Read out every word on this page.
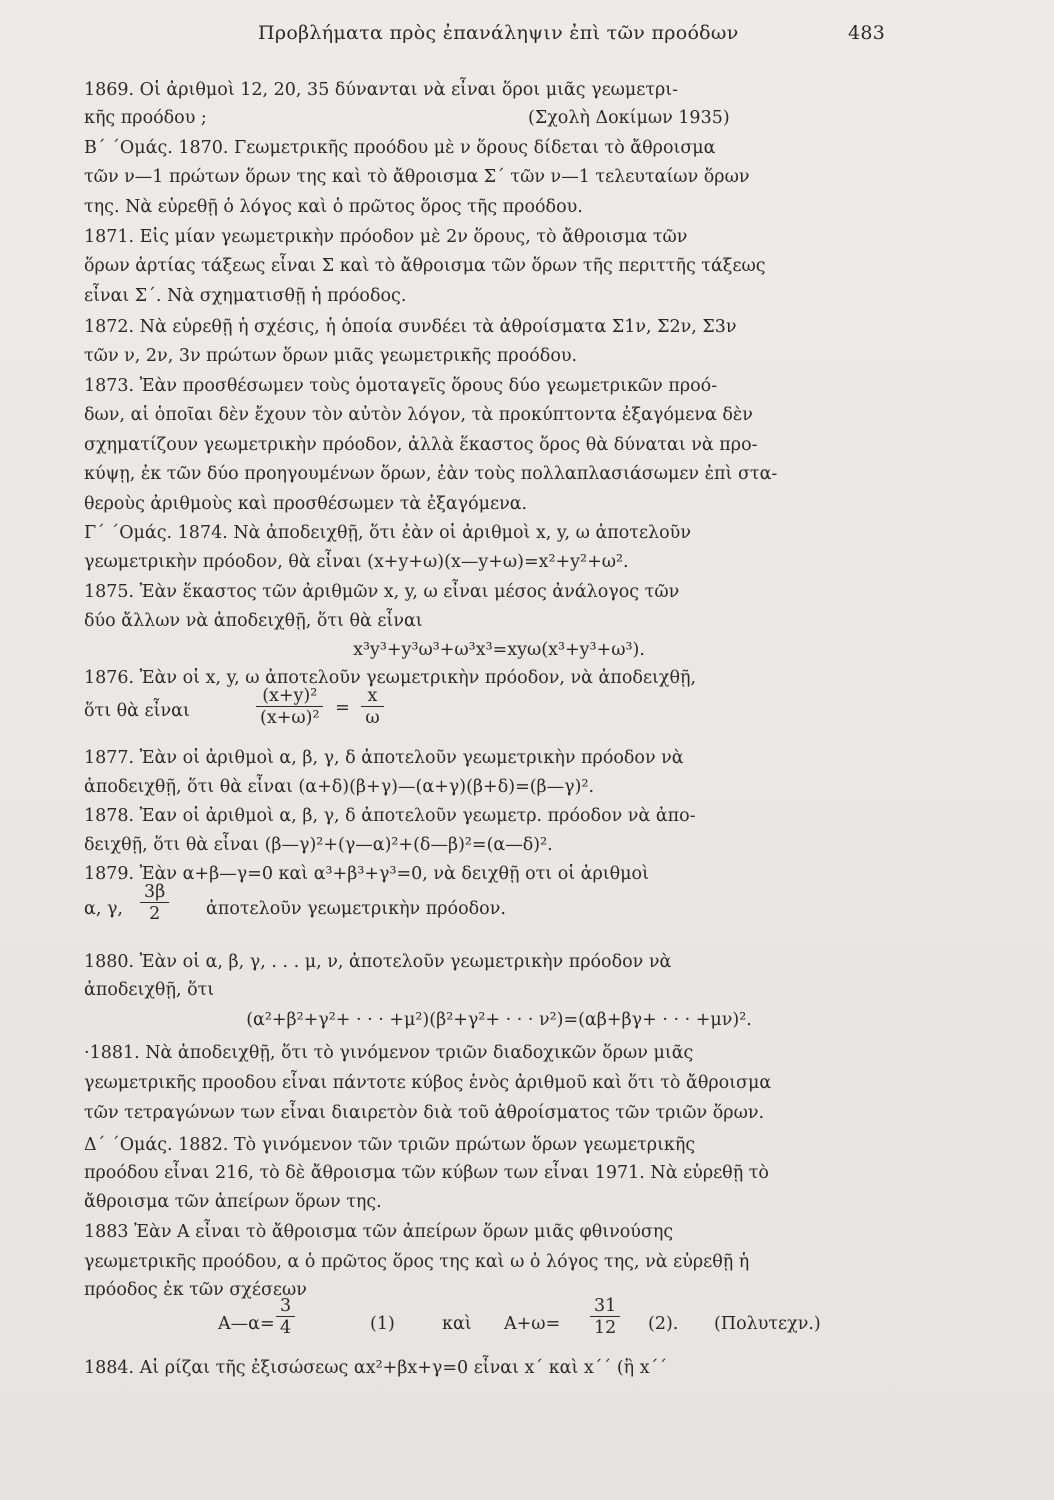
Προβλήματα πρὸς ἐπανάληψιν ἐπὶ τῶν προόδων	483
1869. Οἱ ἀριθμοὶ 12, 20, 35 δύνανται νὰ εἶναι ὅροι μιᾶς γεωμετρι-
κῆς προόδου ;	(Σχολὴ Δοκίμων 1935)
Β΄ ΄Ομάς. 1870. Γεωμετρικῆς προόδου μὲ ν ὅρους δίδεται τὸ ἄθροισμα
τῶν ν—1 πρώτων ὅρων της καὶ τὸ ἄθροισμα Σ΄ τῶν ν—1 τελευταίων ὅρων
της. Νὰ εὑρεθῇ ὁ λόγος καὶ ὁ πρῶτος ὅρος τῆς προόδου.
1871. Εἰς μίαν γεωμετρικὴν πρόοδον μὲ 2ν ὅρους, τὸ ἄθροισμα τῶν
ὅρων ἀρτίας τάξεως εἶναι Σ καὶ τὸ ἄθροισμα τῶν ὅρων τῆς περιττῆς τάξεως
εἶναι Σ΄. Νὰ σχηματισθῇ ἡ πρόοδος.
1872. Νὰ εὑρεθῇ ἡ σχέσις, ἡ ὁποία συνδέει τὰ ἀθροίσματα Σ1ν, Σ2ν, Σ3ν
τῶν ν, 2ν, 3ν πρώτων ὅρων μιᾶς γεωμετρικῆς προόδου.
1873. Ἐὰν προσθέσωμεν τοὺς ὁμοταγεῖς ὅρους δύο γεωμετρικῶν προό-
δων, αἱ ὁποῖαι δὲν ἔχουν τὸν αὐτὸν λόγον, τὰ προκύπτοντα ἐξαγόμενα δὲν
σχηματίζουν γεωμετρικὴν πρόοδον, ἀλλὰ ἕκαστος ὅρος θὰ δύναται νὰ προ-
κύψῃ, ἐκ τῶν δύο προηγουμένων ὅρων, ἐὰν τοὺς πολλαπλασιάσωμεν ἐπὶ στα-
θεροὺς ἀριθμοὺς καὶ προσθέσωμεν τὰ ἐξαγόμενα.
Γ΄ ΄Ομάς. 1874. Νὰ ἀποδειχθῇ, ὅτι ἐὰν οἱ ἀριθμοὶ x, y, ω ἀποτελοῦν
γεωμετρικὴν πρόοδον, θὰ εἶναι (x+y+ω)(x—y+ω)=x²+y²+ω².
1875. Ἐὰν ἕκαστος τῶν ἀριθμῶν x, y, ω εἶναι μέσος ἀνάλογος τῶν
δύο ἄλλων νὰ ἀποδειχθῇ, ὅτι θὰ εἶναι
x³y³+y³ω³+ω³x³=xyω(x³+y³+ω³).
1876. Ἐὰν οἱ x, y, ω ἀποτελοῦν γεωμετρικὴν πρόοδον, νὰ ἀποδειχθῇ,
ὅτι θὰ εἶναι	$\frac{\text{(x+y)²}}{\text{(x+ω)²}} = \frac{x}{\omega}$
1877. Ἐὰν οἱ ἀριθμοὶ α, β, γ, δ ἀποτελοῦν γεωμετρικὴν πρόοδον νὰ
ἀποδειχθῇ, ὅτι θὰ εἶναι (α+δ)(β+γ)—(α+γ)(β+δ)=(β—γ)².
1878. Ἐαν οἱ ἀριθμοὶ α, β, γ, δ ἀποτελοῦν γεωμετρ. πρόοδον νὰ ἀπο-
δειχθῇ, ὅτι θὰ εἶναι (β—γ)²+(γ—α)²+(δ—β)²=(α—δ)².
1879. Ἐὰν α+β—γ=0 καὶ α³+β³+γ³=0, νὰ δειχθῇ οτι οἱ ἀριθμοὶ
α, γ, $\frac{3\beta}{2}$ ἀποτελοῦν γεωμετρικὴν πρόοδον.
1880. Ἐὰν οἱ α, β, γ, . . . μ, ν, ἀποτελοῦν γεωμετρικὴν πρόοδον νὰ
ἀποδειχθῇ, ὅτι
(α²+β²+γ²+ · · · +μ²)(β²+γ²+ · · · ν²)=(αβ+βγ+ · · · +μν)².
·1881. Νὰ ἀποδειχθῇ, ὅτι τὸ γινόμενον τριῶν διαδοχικῶν ὅρων μιᾶς
γεωμετρικῆς προοδου εἶναι πάντοτε κύβος ἑνὸς ἀριθμοῦ καὶ ὅτι τὸ ἄθροισμα
τῶν τετραγώνων των εἶναι διαιρετὸν διὰ τοῦ ἀθροίσματος τῶν τριῶν ὅρων.
Δ΄ ΄Ομάς. 1882. Τὸ γινόμενον τῶν τριῶν πρώτων ὅρων γεωμετρικῆς
προόδου εἶναι 216, τὸ δὲ ἄθροισμα τῶν κύβων των εἶναι 1971. Νὰ εὑρεθῇ τὸ
ἄθροισμα τῶν ἀπείρων ὅρων της.
1883 Ἐὰν Α εἶναι τὸ ἄθροισμα τῶν ἀπείρων ὅρων μιᾶς φθινούσης
γεωμετρικῆς προόδου, α ὁ πρῶτος ὅρος της καὶ ω ὁ λόγος της, νὰ εὑρεθῇ ἡ
πρόοδος ἐκ τῶν σχέσεων
Α—α= $\frac{3}{4}$	(1)	καὶ $A+\omega= \frac{31}{12} (2)$. (Πολυτεχν.)
1884. Αἱ ρίζαι τῆς ἐξισώσεως αx²+βx+γ=0 εἶναι x΄ καὶ x΄΄ (ἢ x΄΄
